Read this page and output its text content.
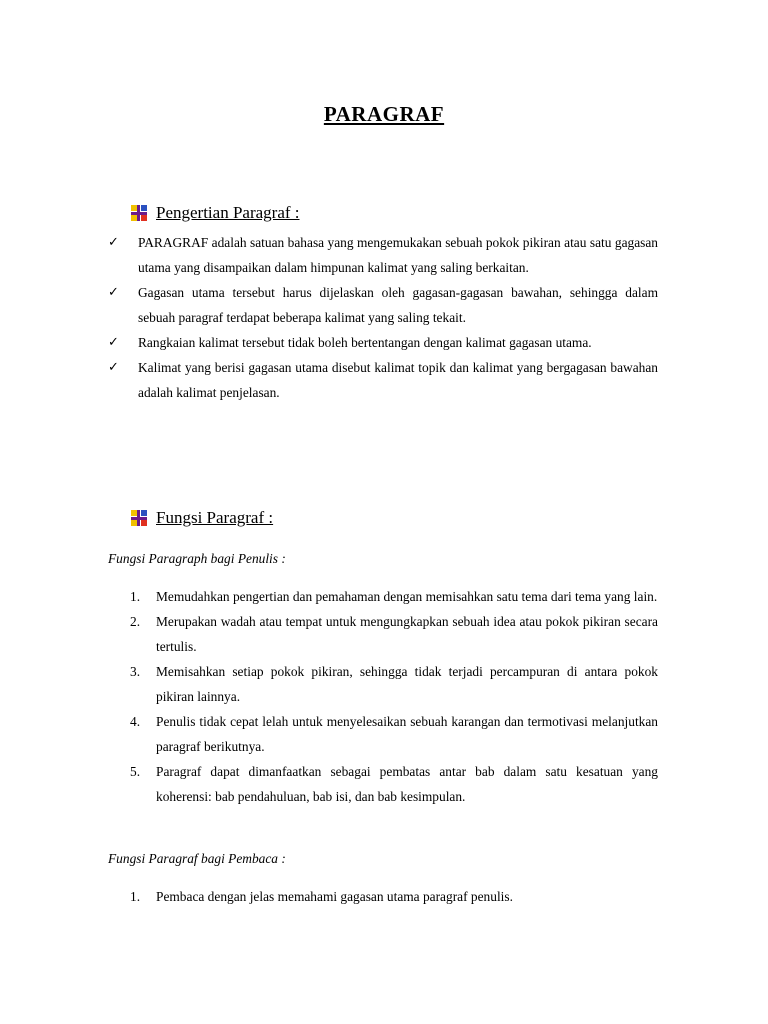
PARAGRAF
Pengertian Paragraf :
✓ PARAGRAF adalah satuan bahasa yang mengemukakan sebuah pokok pikiran atau satu gagasan utama yang disampaikan dalam himpunan kalimat yang saling berkaitan.
✓ Gagasan utama tersebut harus dijelaskan oleh gagasan-gagasan bawahan, sehingga dalam sebuah paragraf terdapat beberapa kalimat yang saling tekait.
✓ Rangkaian kalimat tersebut tidak boleh bertentangan dengan kalimat gagasan utama.
✓ Kalimat yang berisi gagasan utama disebut kalimat topik dan kalimat yang bergagasan bawahan adalah kalimat penjelasan.
Fungsi Paragraf :
Fungsi Paragraph bagi Penulis :
1. Memudahkan pengertian dan pemahaman dengan memisahkan satu tema dari tema yang lain.
2. Merupakan wadah atau tempat untuk mengungkapkan sebuah idea atau pokok pikiran secara tertulis.
3. Memisahkan setiap pokok pikiran, sehingga tidak terjadi percampuran di antara pokok pikiran lainnya.
4. Penulis tidak cepat lelah untuk menyelesaikan sebuah karangan dan termotivasi melanjutkan paragraf berikutnya.
5. Paragraf dapat dimanfaatkan sebagai pembatas antar bab dalam satu kesatuan yang koherensi: bab pendahuluan, bab isi, dan bab kesimpulan.
Fungsi Paragraf bagi Pembaca :
1. Pembaca dengan jelas memahami gagasan utama paragraf penulis.
